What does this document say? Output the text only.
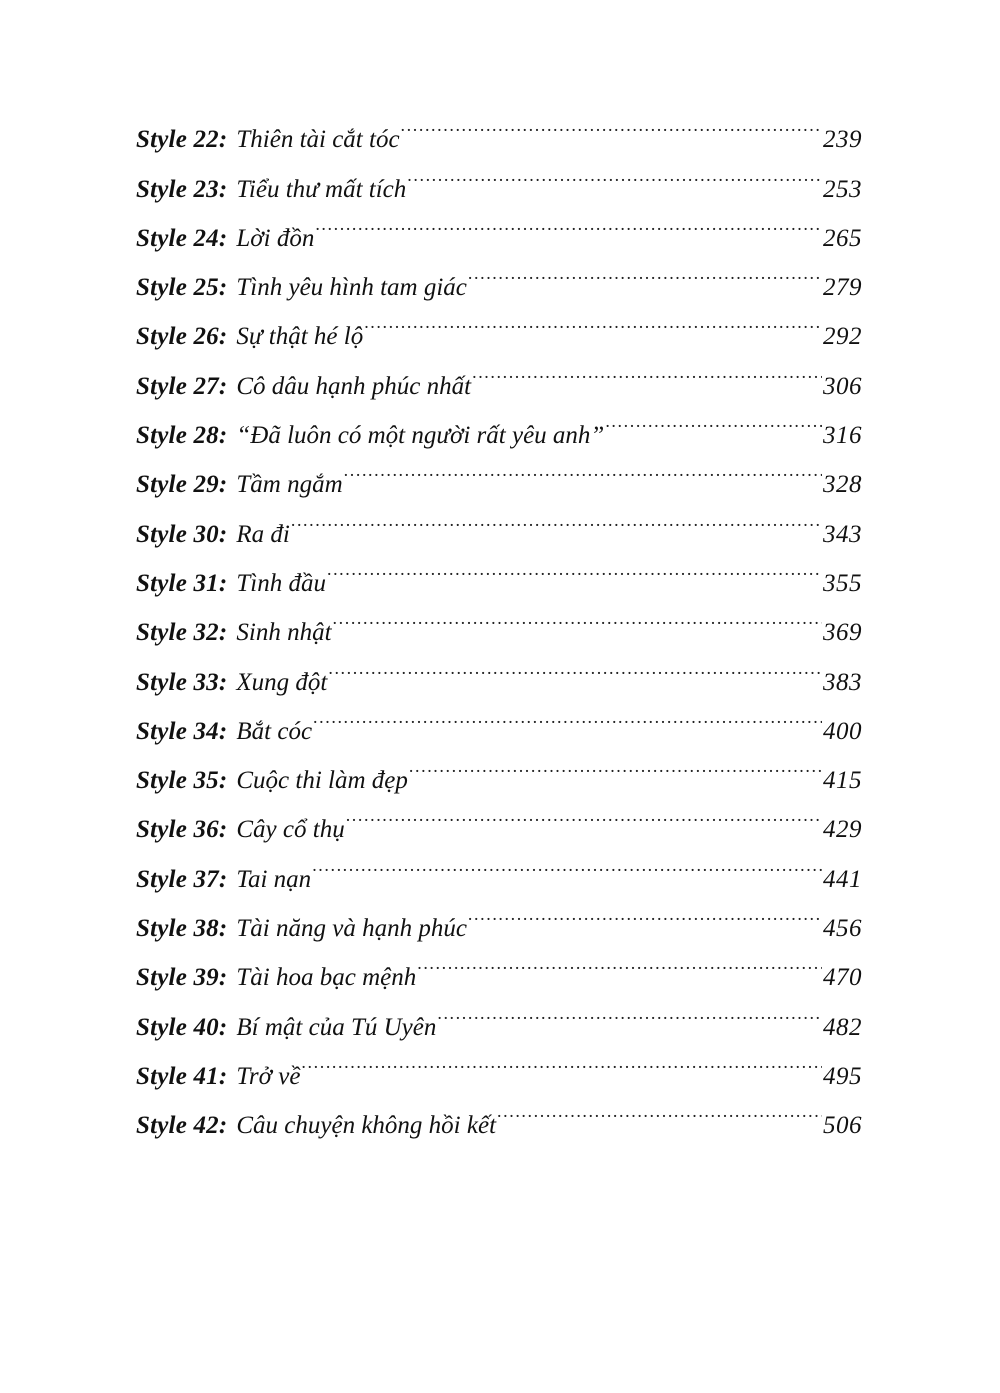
Style 22: Thiên tài cắt tóc .....	239
Style 23: Tiểu thư mất tích .....	253
Style 24: Lời đồn .....	265
Style 25: Tình yêu hình tam giác .....	279
Style 26: Sự thật hé lộ .....	292
Style 27: Cô dâu hạnh phúc nhất .....	306
Style 28: “Đã luôn có một người rất yêu anh” .....	316
Style 29: Tầm ngắm .....	328
Style 30: Ra đi .....	343
Style 31: Tình đầu .....	355
Style 32: Sinh nhật .....	369
Style 33: Xung đột .....	383
Style 34: Bắt cóc .....	400
Style 35: Cuộc thi làm đẹp .....	415
Style 36: Cây cổ thụ .....	429
Style 37: Tai nạn .....	441
Style 38: Tài năng và hạnh phúc .....	456
Style 39: Tài hoa bạc mệnh .....	470
Style 40: Bí mật của Tú Uyên .....	482
Style 41: Trở về .....	495
Style 42: Câu chuyện không hồi kết .....	506
